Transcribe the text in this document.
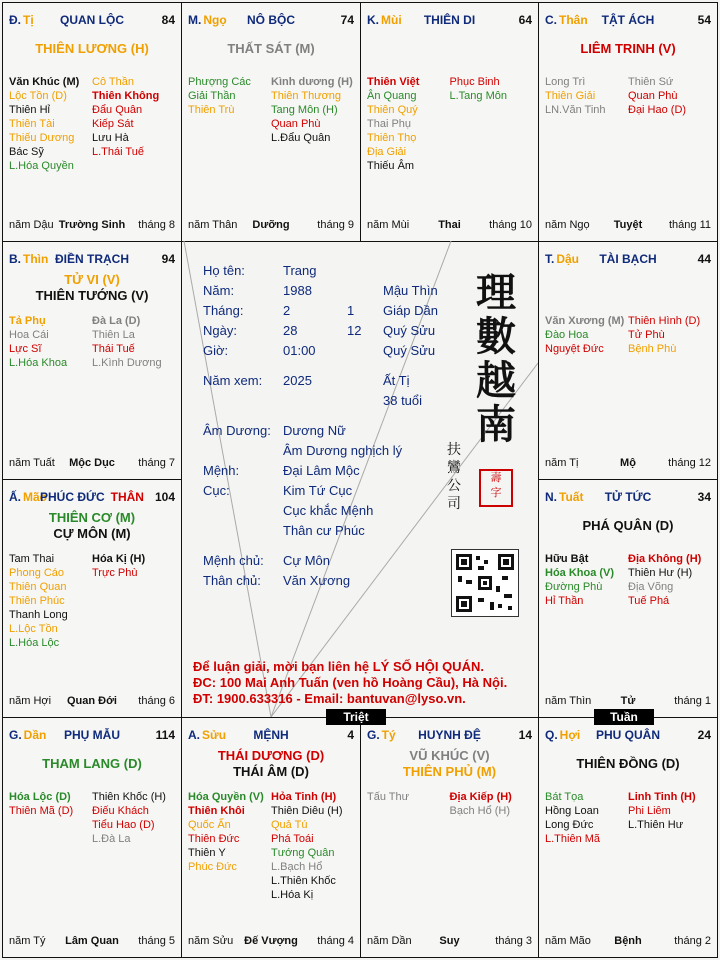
Đ. Tị	QUAN LỘC	84
THIÊN LƯƠNG (H)
Văn Khúc (M)
Lộc Tồn (D)
Thiên Hỉ
Thiên Tài
Thiếu Dương
Bác Sỹ
L.Hóa Quyền
Cô Thần
Thiên Không
Đẩu Quân
Kiếp Sát
Lưu Hà
L.Thái Tuế
năm Dậu Trường Sinh	tháng 8
M. Ngọ	NÔ BỘC	74
THẤT SÁT (M)
Phượng Các
Giải Thần
Thiên Trù
Kình dương (H)
Thiên Thương
Tang Môn (H)
Quan Phù
L.Đẩu Quân
năm Thân	Dưỡng	tháng 9
K. Mùi	THIÊN DI	64
Thiên Việt
Ân Quang
Thiên Quý
Thai Phụ
Thiên Thọ
Địa Giải
Thiếu Âm
Phục Binh
L.Tang Môn
năm Mùi	Thai	tháng 10
C. Thân	TẬT ÁCH	54
LIÊM TRINH (V)
Long Trì
Thiên Giải
LN.Văn Tinh
Thiên Sứ
Quan Phù
Đại Hao (D)
năm Ngọ	Tuyệt	tháng 11
T. Dậu	TÀI BẠCH	44
Văn Xương (M)
Đào Hoa
Nguyệt Đức
Thiên Hình (D)
Tử Phù
Bệnh Phù
năm Tị	Mộ	tháng 12
N. Tuất	TỬ TỨC	34
PHÁ QUÂN (D)
Hữu Bật
Hóa Khoa (V)
Đường Phù
Hỉ Thần
Địa Không (H)
Thiên Hư (H)
Địa Võng
Tuế Phá
năm Thìn	Tử	tháng 1
Q. Hợi	PHU QUÂN	24
THIÊN ĐỒNG (D)
Bát Tọa
Hồng Loan
Long Đức
L.Thiên Mã
Linh Tinh (H)
Phi Liêm
L.Thiên Hư
năm Mão	Bệnh	tháng 2
G. Tý	HUYNH ĐỆ	14
VŨ KHÚC (V)
THIÊN PHỦ (M)
Tấu Thư	Địa Kiếp (H)
Bạch Hổ (H)
năm Dần	Suy	tháng 3
A. Sửu	MỆNH	4
THÁI DƯƠNG (D)
THÁI ÂM (D)
Hóa Quyền (V)
Thiên Khôi
Quốc Ấn
Thiên Đức
Thiên Y
Phúc Đức
Hỏa Tinh (H)
Thiên Diêu (H)
Quả Tú
Phá Toái
Tướng Quân
L.Bạch Hổ
L.Thiên Khốc
L.Hóa Kị
năm Sửu Đế Vượng	tháng 4
G. Dần	PHỤ MẪU	114
THAM LANG (D)
Hóa Lộc (D)
Thiên Mã (D)
Thiên Khốc (H)
Điếu Khách
Tiểu Hao (D)
L.Đà La
năm Tý	Lâm Quan	tháng 5
Ấ. Mão
PHÚC ĐỨC THÂN 104
THIÊN CƠ (M)
CỰ MÔN (M)
Tam Thai
Phong Cáo
Thiên Quan
Thiên Phúc
Thanh Long
L.Lộc Tồn
L.Hóa Lộc
Hóa Kị (H)
Trực Phù
năm Hợi	Quan Đới	tháng 6
B. Thìn ĐIỀN TRẠCH	94
TỬ VI (V)
THIÊN TƯỚNG (V)
Tả Phụ
Hoa Cái
Lực Sĩ
L.Hóa Khoa
Đà La (D)
Thiên La
Thái Tuế
L.Kình Dương
năm Tuất	Mộc Dục	tháng 7
Họ tên:	Trang
Năm:	1988	Mậu Thìn
Tháng:	2	1 Giáp Dần
Ngày:	28	12 Quý Sửu
Giờ:	01:00	Quý Sửu
Năm xem: 2025	Ất Tị
38 tuổi
Âm Dương: Dương Nữ
Âm Dương nghịch lý
Mệnh:	Đại Lâm Mộc
Cục:	Kim Tứ Cục
Cục khắc Mệnh
Thân cư Phúc
Mệnh chủ: Cự Môn
Thân chủ: Văn Xương
理
數
越
南
扶
鸞
公
司
壽
字
Để luận giải, mời bạn liên hệ LÝ SỐ HỘI QUÁN.
ĐC: 100 Mai Anh Tuấn (ven hồ Hoàng Cầu), Hà Nội.
ĐT: 1900.633316 - Email: bantuvan@lyso.vn.
Triệt	Tuần
